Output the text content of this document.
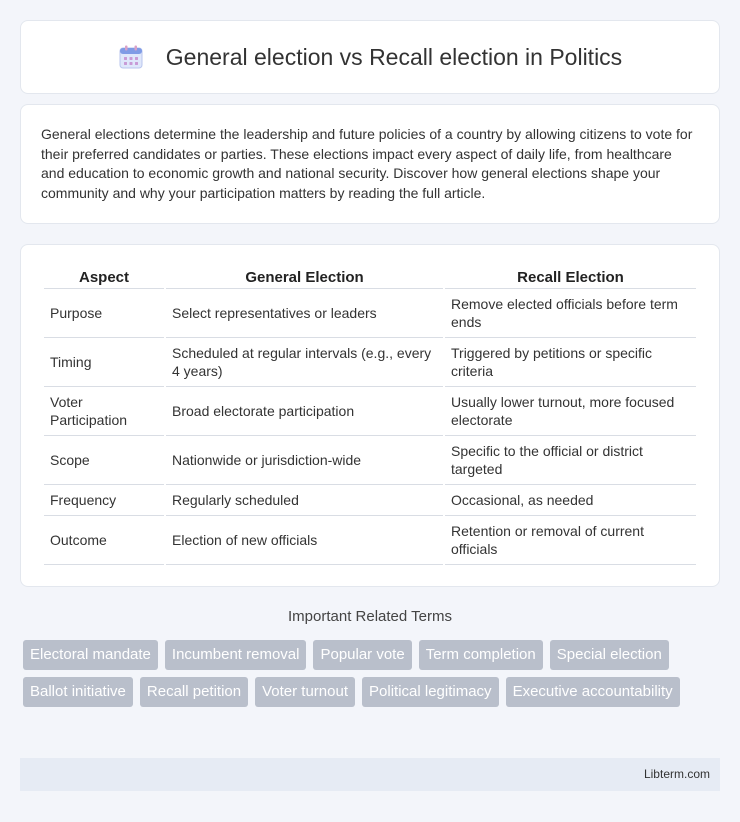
General election vs Recall election in Politics

General elections determine the leadership and future policies of a country by allowing citizens to vote for their preferred candidates or parties. These elections impact every aspect of daily life, from healthcare and education to economic growth and national security. Discover how general elections shape your community and why your participation matters by reading the full article.

Aspect	General Election	Recall Election
Purpose	Select representatives or leaders	Remove elected officials before term ends
Timing	Scheduled at regular intervals (e.g., every 4 years)	Triggered by petitions or specific criteria
Voter Participation	Broad electorate participation	Usually lower turnout, more focused electorate
Scope	Nationwide or jurisdiction-wide	Specific to the official or district targeted
Frequency	Regularly scheduled	Occasional, as needed
Outcome	Election of new officials	Retention or removal of current officials
Important Related Terms
Electoral mandate	Incumbent removal	Popular vote	Term completion	Special election
Ballot initiative	Recall petition	Voter turnout	Political legitimacy	Executive accountability
Libterm.com
